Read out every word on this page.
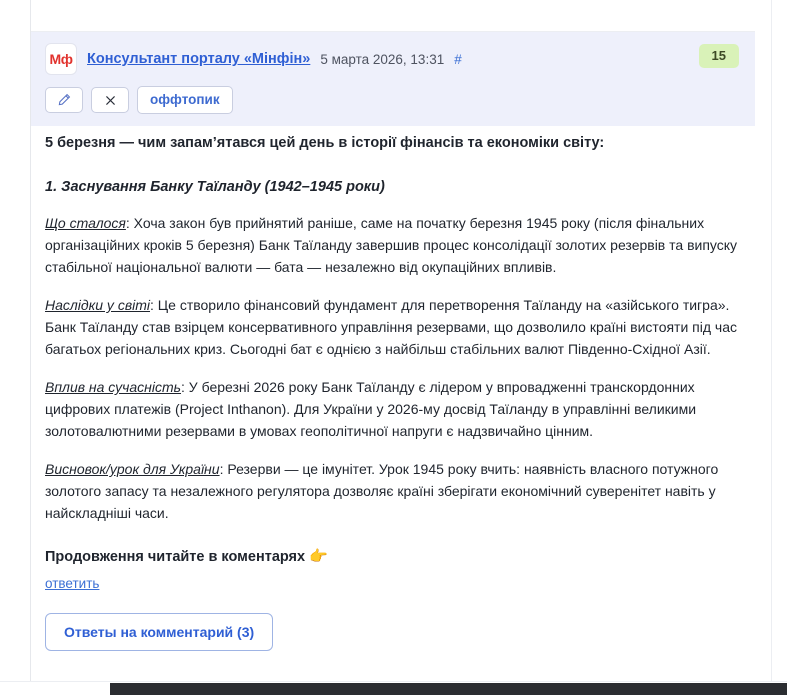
Мф	Консультант порталу «Мінфін» 5 марта 2026, 13:31 #	15
оффтопик
5 березня — чим запам’ятався цей день в історії фінансів та економіки світу:
1. Заснування Банку Таїланду (1942–1945 роки)

Що сталося: Хоча закон був прийнятий раніше, саме на початку березня 1945 року (після фінальних організаційних кроків 5 березня) Банк Таїланду завершив процес консолідації золотих резервів та випуску стабільної національної валюти — бата — незалежно від окупаційних впливів.

Наслідки у світі: Це створило фінансовий фундамент для перетворення Таїланду на «азійського тигра». Банк Таїланду став взірцем консервативного управління резервами, що дозволило країні вистояти під час багатьох регіональних криз. Сьогодні бат є однією з найбільш стабільних валют Південно-Східної Азії.

Вплив на сучасність: У березні 2026 року Банк Таїланду є лідером у впровадженні транскордонних цифрових платежів (Project Inthanon). Для України у 2026-му досвід Таїланду в управлінні великими золотовалютними резервами в умовах геополітичної напруги є надзвичайно цінним.

Висновок/урок для України: Резерви — це імунітет. Урок 1945 року вчить: наявність власного потужного золотого запасу та незалежного регулятора дозволяє країні зберігати економічний суверенітет навіть у найскладніші часи.

Продовження читайте в коментарях 👉
ответить
Ответы на комментарий (3)
